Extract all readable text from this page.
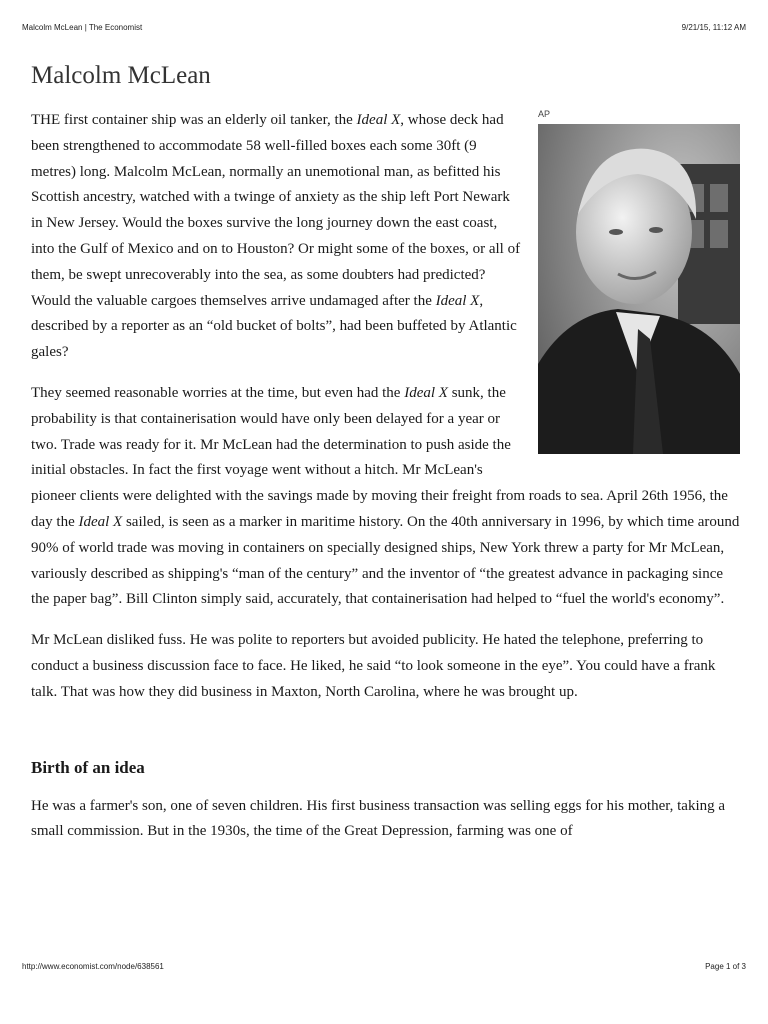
Malcolm McLean | The Economist	9/21/15, 11:12 AM
Malcolm McLean
AP

THE first container ship was an elderly oil tanker, the Ideal X, whose deck had been strengthened to accommodate 58 well-filled boxes each some 30ft (9 metres) long. Malcolm McLean, normally an unemotional man, as befitted his Scottish ancestry, watched with a twinge of anxiety as the ship left Port Newark in New Jersey. Would the boxes survive the long journey down the east coast, into the Gulf of Mexico and on to Houston? Or might some of the boxes, or all of them, be swept unrecoverably into the sea, as some doubters had predicted? Would the valuable cargoes themselves arrive undamaged after the Ideal X, described by a reporter as an “old bucket of bolts”, had been buffeted by Atlantic gales?

They seemed reasonable worries at the time, but even had the Ideal X sunk, the probability is that containerisation would have only been delayed for a year or two. Trade was ready for it. Mr McLean had the determination to push aside the initial obstacles. In fact the first voyage went without a hitch. Mr McLean's pioneer clients were delighted with the savings made by moving their freight from roads to sea. April 26th 1956, the day the Ideal X sailed, is seen as a marker in maritime history. On the 40th anniversary in 1996, by which time around 90% of world trade was moving in containers on specially designed ships, New York threw a party for Mr McLean, variously described as shipping's “man of the century” and the inventor of “the greatest advance in packaging since the paper bag”. Bill Clinton simply said, accurately, that containerisation had helped to “fuel the world's economy”.

Mr McLean disliked fuss. He was polite to reporters but avoided publicity. He hated the telephone, preferring to conduct a business discussion face to face. He liked, he said “to look someone in the eye”. You could have a frank talk. That was how they did business in Maxton, North Carolina, where he was brought up.

Birth of an idea

He was a farmer's son, one of seven children. His first business transaction was selling eggs for his mother, taking a small commission. But in the 1930s, the time of the Great Depression, farming was one of

http://www.economist.com/node/638561	Page 1 of 3
